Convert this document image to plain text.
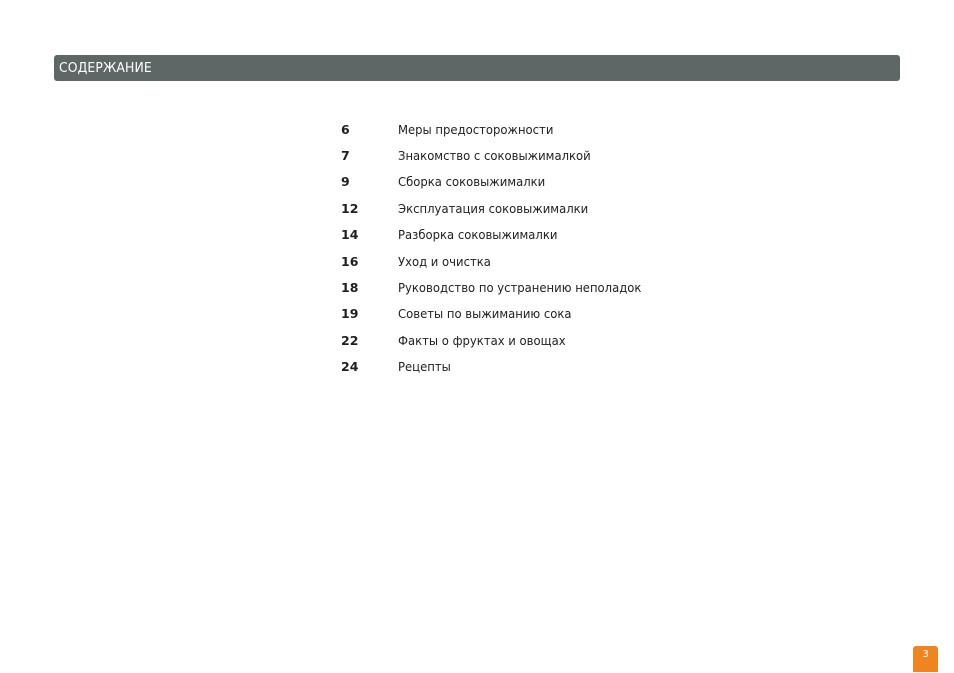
СОДЕРЖАНИЕ
6	Меры предосторожности
7	Знакомство с соковыжималкой
9	Сборка соковыжималки
12	Эксплуатация соковыжималки
14	Разборка соковыжималки
16	Уход и очистка
18	Руководство по устранению неполадок
19	Советы по выжиманию сока
22	Факты о фруктах и овощах
24	Рецепты
3
